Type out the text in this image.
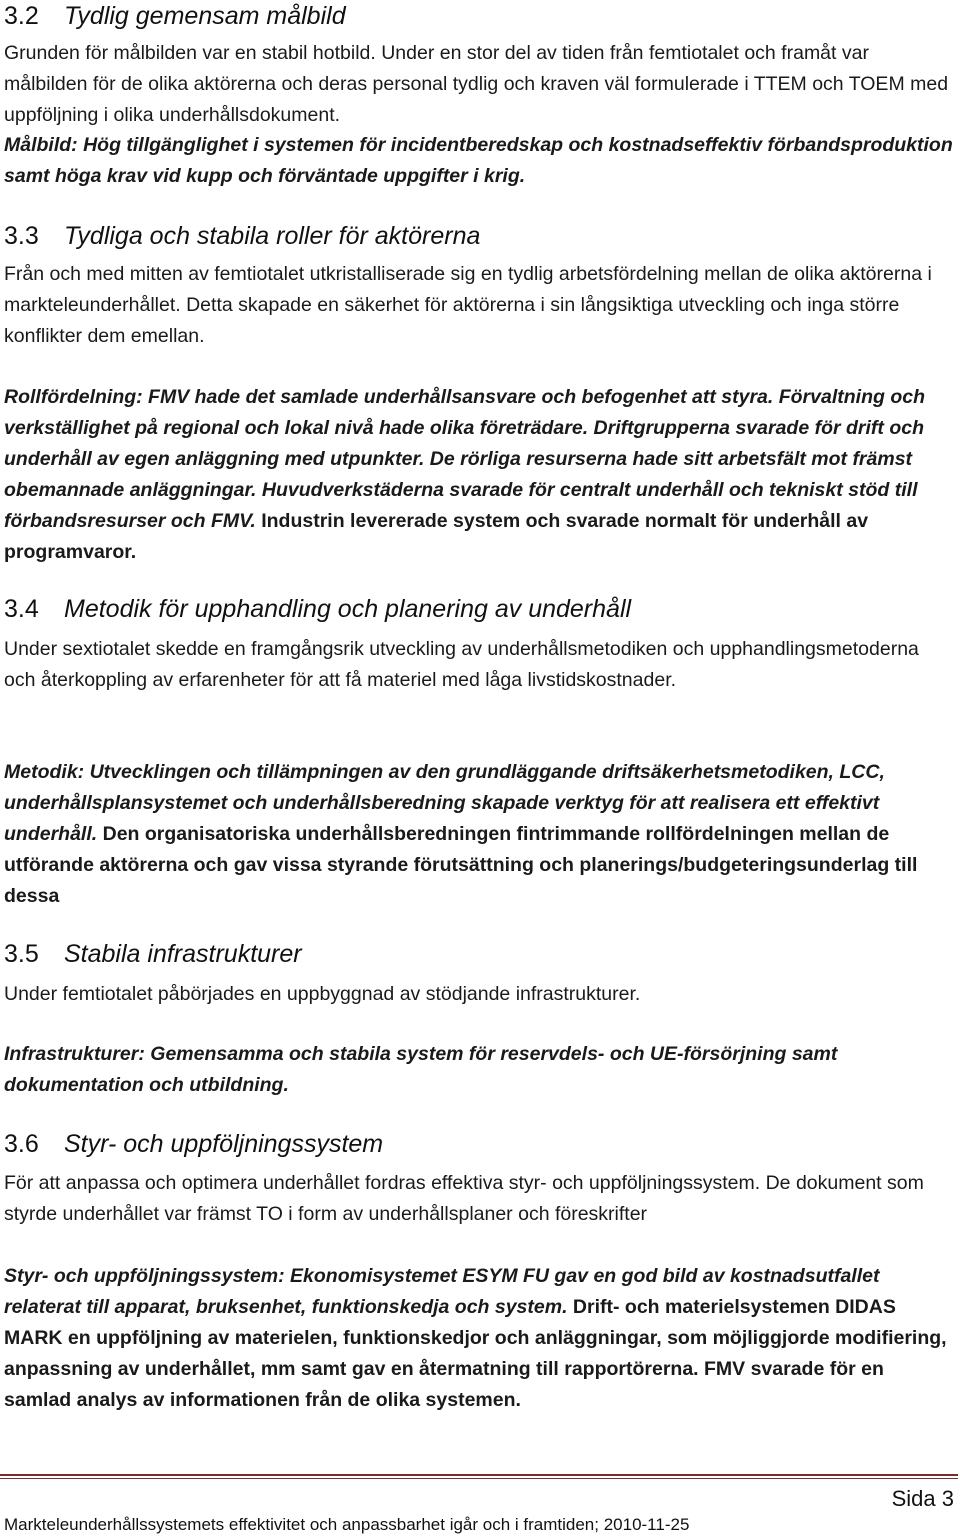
3.2 Tydlig gemensam målbild

Grunden för målbilden var en stabil hotbild. Under en stor del av tiden från femtiotalet och framåt var målbilden för de olika aktörerna och deras personal tydlig och kraven väl formulerade i TTEM och TOEM med uppföljning i olika underhållsdokument.

Målbild: Hög tillgänglighet i systemen för incidentberedskap och kostnadseffektiv förbandsproduktion samt höga krav vid kupp och förväntade uppgifter i krig.

3.3 Tydliga och stabila roller för aktörerna

Från och med mitten av femtiotalet utkristalliserade sig en tydlig arbetsfördelning mellan de olika aktörerna i markteleunderhållet. Detta skapade en säkerhet för aktörerna i sin långsiktiga utveckling och inga större konflikter dem emellan.

Rollfördelning: FMV hade det samlade underhållsansvare och befogenhet att styra. Förvaltning och verkställighet på regional och lokal nivå hade olika företrädare. Driftgrupperna svarade för drift och underhåll av egen anläggning med utpunkter. De rörliga resurserna hade sitt arbetsfält mot främst obemannade anläggningar. Huvudverkstäderna svarade för centralt underhåll och tekniskt stöd till förbandsresurser och FMV. Industrin levererade system och svarade normalt för underhåll av programvaror.

3.4 Metodik för upphandling och planering av underhåll

Under sextiotalet skedde en framgångsrik utveckling av underhållsmetodiken och upphandlingsmetoderna och återkoppling av erfarenheter för att få materiel med låga livstidskostnader.

Metodik: Utvecklingen och tillämpningen av den grundläggande driftsäkerhetsmetodiken, LCC, underhållsplansystemet och underhållsberedning skapade verktyg för att realisera ett effektivt underhåll. Den organisatoriska underhållsberedningen fintrimmande rollfördelningen mellan de utförande aktörerna och gav vissa styrande förutsättning och planerings/budgeteringsunderlag till dessa

3.5 Stabila infrastrukturer

Under femtiotalet påbörjades en uppbyggnad av stödjande infrastrukturer.

Infrastrukturer: Gemensamma och stabila system för reservdels- och UE-försörjning samt dokumentation och utbildning.

3.6 Styr- och uppföljningssystem

För att anpassa och optimera underhållet fordras effektiva styr- och uppföljningssystem. De dokument som styrde underhållet var främst TO i form av underhållsplaner och föreskrifter

Styr- och uppföljningssystem: Ekonomisystemet ESYM FU gav en god bild av kostnadsutfallet relaterat till apparat, bruksenhet, funktionskedja och system. Drift- och materielsystemen DIDAS MARK en uppföljning av materielen, funktionskedjor och anläggningar, som möjliggjorde modifiering, anpassning av underhållet, mm samt gav en återmatning till rapportörerna. FMV svarade för en samlad analys av informationen från de olika systemen.

Sida 3
Markteleunderhållssystemets effektivitet och anpassbarhet igår och i framtiden; 2010-11-25
